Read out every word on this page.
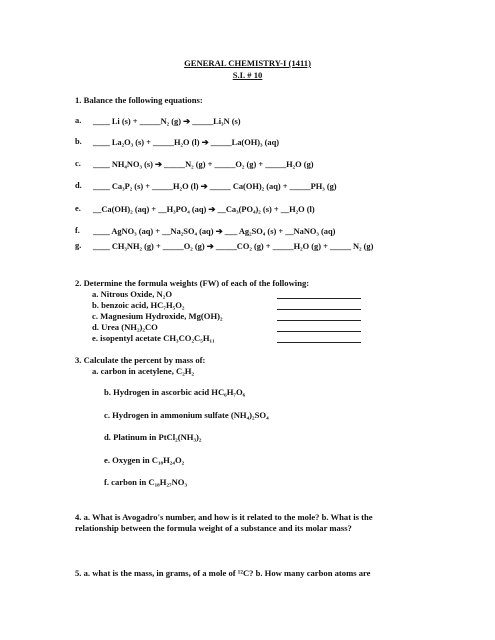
GENERAL CHEMISTRY-I (1411)
S.I. # 10
1. Balance the following equations:
a. ____ Li (s) + _____N₂ (g) ➔ _____Li₃N (s)
b. ____ La₂O₃ (s) + _____H₂O (l) ➔ _____La(OH)₃ (aq)
c. ____ NH₄NO₃ (s) ➔ _____N₂ (g) + _____O₂ (g) + _____H₂O (g)
d. ____ Ca₃P₂ (s) + _____H₂O (l) ➔ _____ Ca(OH)₂ (aq) + _____PH₃ (g)
e. __Ca(OH)₂ (aq) + __H₃PO₄ (aq) ➔ __Ca₃(PO₄)₂ (s) + __H₂O (l)
f. ____ AgNO₃ (aq) + __Na₂SO₄ (aq) ➔ ___ Ag₂SO₄ (s) + __NaNO₃ (aq)
g. ____ CH₃NH₂ (g) + _____O₂ (g) ➔ _____CO₂ (g) + _____H₂O (g) + _____ N₂ (g)
2. Determine the formula weights (FW) of each of the following:
a. Nitrous Oxide, N₂O
b. benzoic acid, HC₇H₅O₂
c. Magnesium Hydroxide, Mg(OH)₂
d. Urea (NH₂)₂CO
e. isopentyl acetate CH₃CO₂C₅H₁₁
3. Calculate the percent by mass of:
a. carbon in acetylene, C₂H₂
b. Hydrogen in ascorbic acid HC₆H₇O₆
c. Hydrogen in ammonium sulfate (NH₄)₂SO₄
d. Platinum in PtCl₂(NH₃)₂
e. Oxygen in C₁₈H₂₄O₂
f. carbon in C₁₈H₂₇NO₃
4. a. What is Avogadro's number, and how is it related to the mole? b. What is the
relationship between the formula weight of a substance and its molar mass?
5. a. what is the mass, in grams, of a mole of ¹²C? b. How many carbon atoms are
